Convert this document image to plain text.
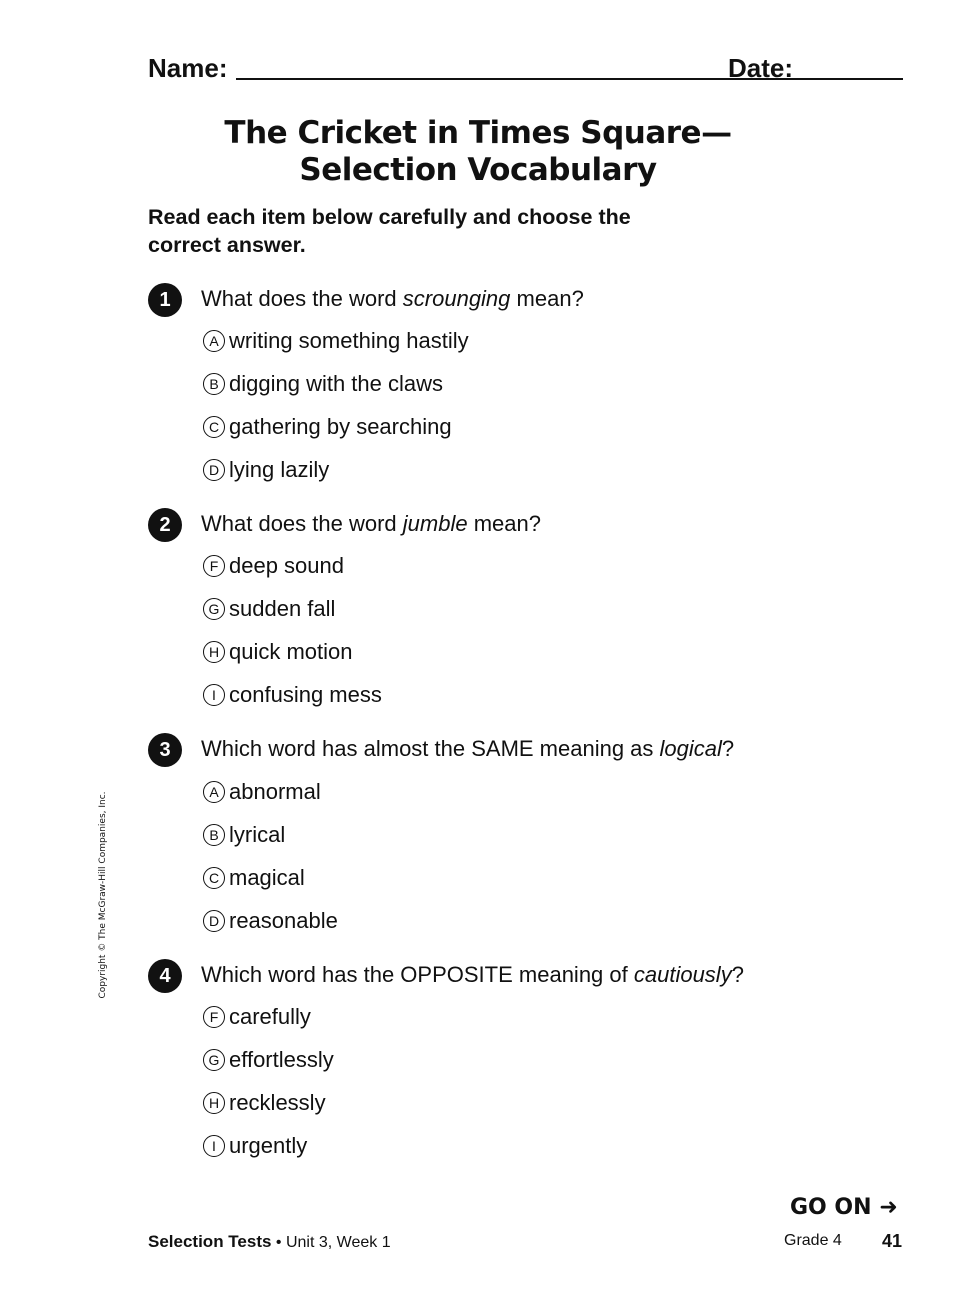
Name:	Date:
The Cricket in Times Square—
Selection Vocabulary
Read each item below carefully and choose the
correct answer.
1	What does the word scrounging mean?
A writing something hastily
B digging with the claws
C gathering by searching
D lying lazily
2	What does the word jumble mean?
F deep sound
G sudden fall
H quick motion
I confusing mess
3	Which word has almost the SAME meaning as logical?
A abnormal
B lyrical
C magical
D reasonable
4	Which word has the OPPOSITE meaning of cautiously?
F carefully
G effortlessly
H recklessly
I urgently
Copyright © The McGraw-Hill Companies, Inc.
GO ON ➜
Selection Tests • Unit 3, Week 1	Grade 4 41
